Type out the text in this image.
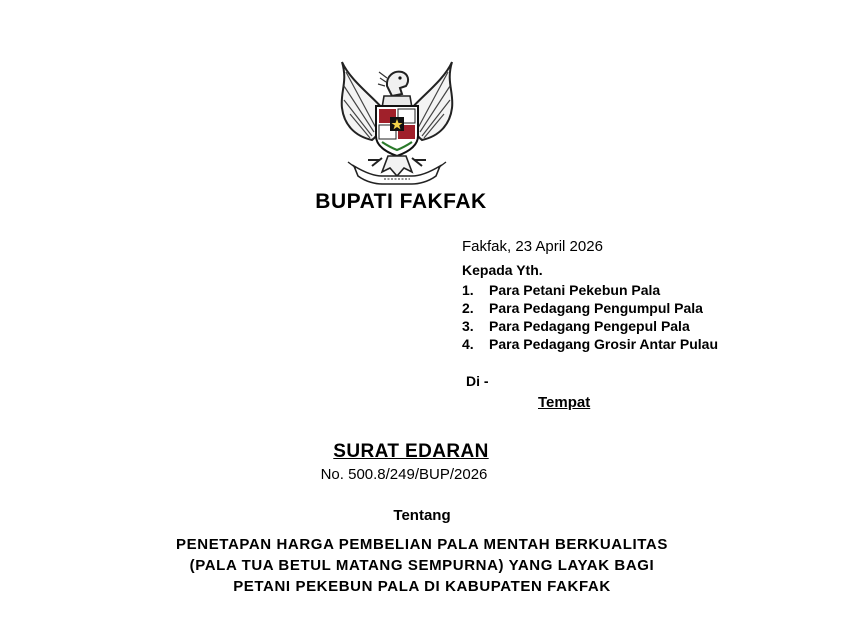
BUPATI FAKFAK
Fakfak, 23 April 2026
Kepada Yth.
1. Para Petani Pekebun Pala
2. Para Pedagang Pengumpul Pala
3. Para Pedagang Pengepul Pala
4. Para Pedagang Grosir Antar Pulau
Di -
Tempat
SURAT EDARAN
No. 500.8/249/BUP/2026
Tentang
PENETAPAN HARGA PEMBELIAN PALA MENTAH BERKUALITAS
(PALA TUA BETUL MATANG SEMPURNA) YANG LAYAK BAGI
PETANI PEKEBUN PALA DI KABUPATEN FAKFAK
